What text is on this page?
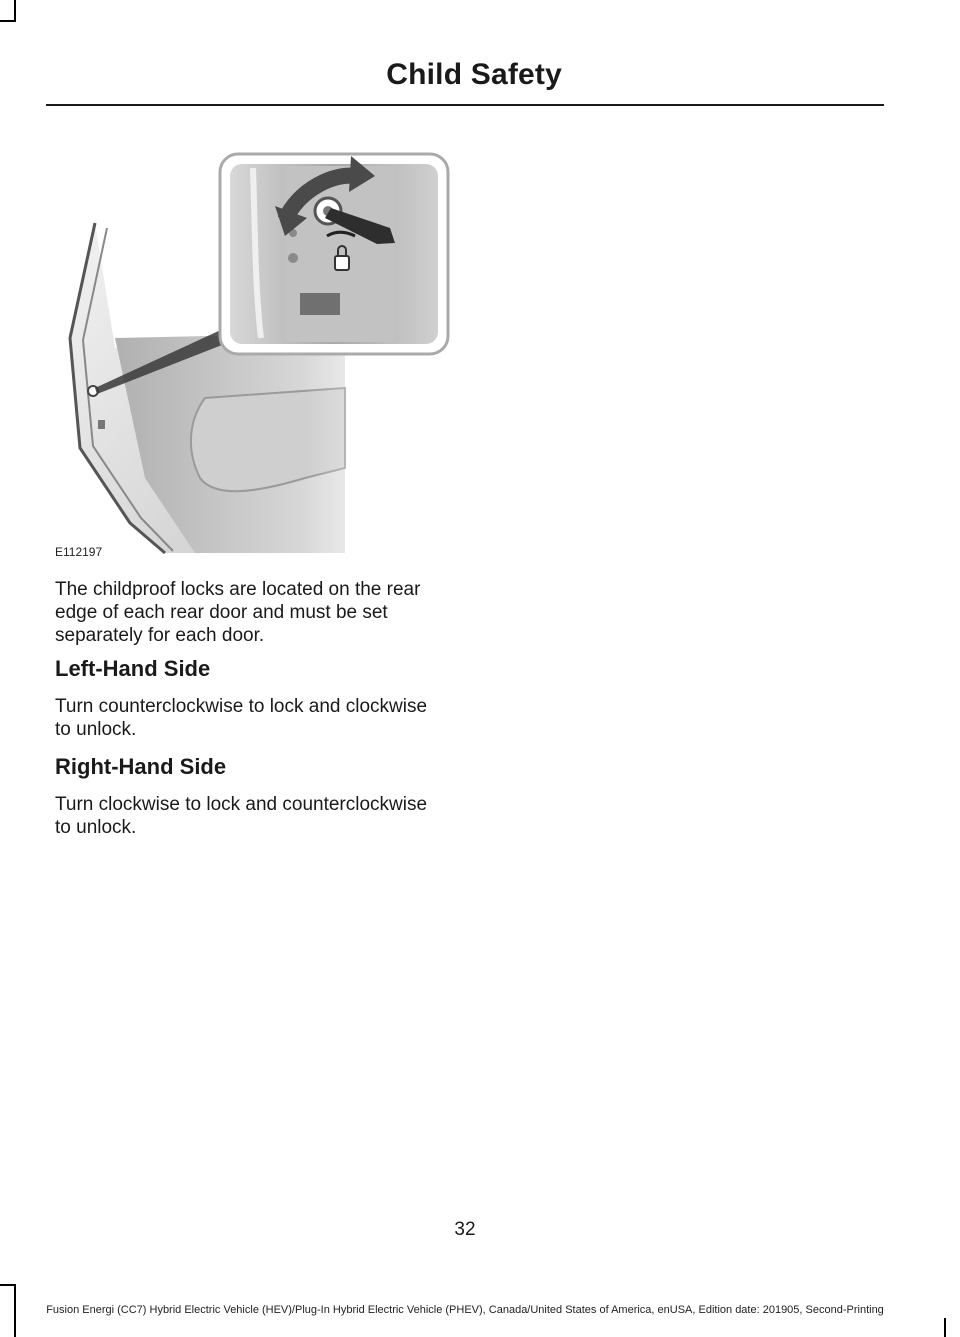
Child Safety
E112197

The childproof locks are located on the rear edge of each rear door and must be set separately for each door.

Left-Hand Side

Turn counterclockwise to lock and clockwise to unlock.

Right-Hand Side

Turn clockwise to lock and counterclockwise to unlock.

32
Fusion Energi (CC7) Hybrid Electric Vehicle (HEV)/Plug-In Hybrid Electric Vehicle (PHEV), Canada/United States of America, enUSA, Edition date: 201905, Second-Printing
